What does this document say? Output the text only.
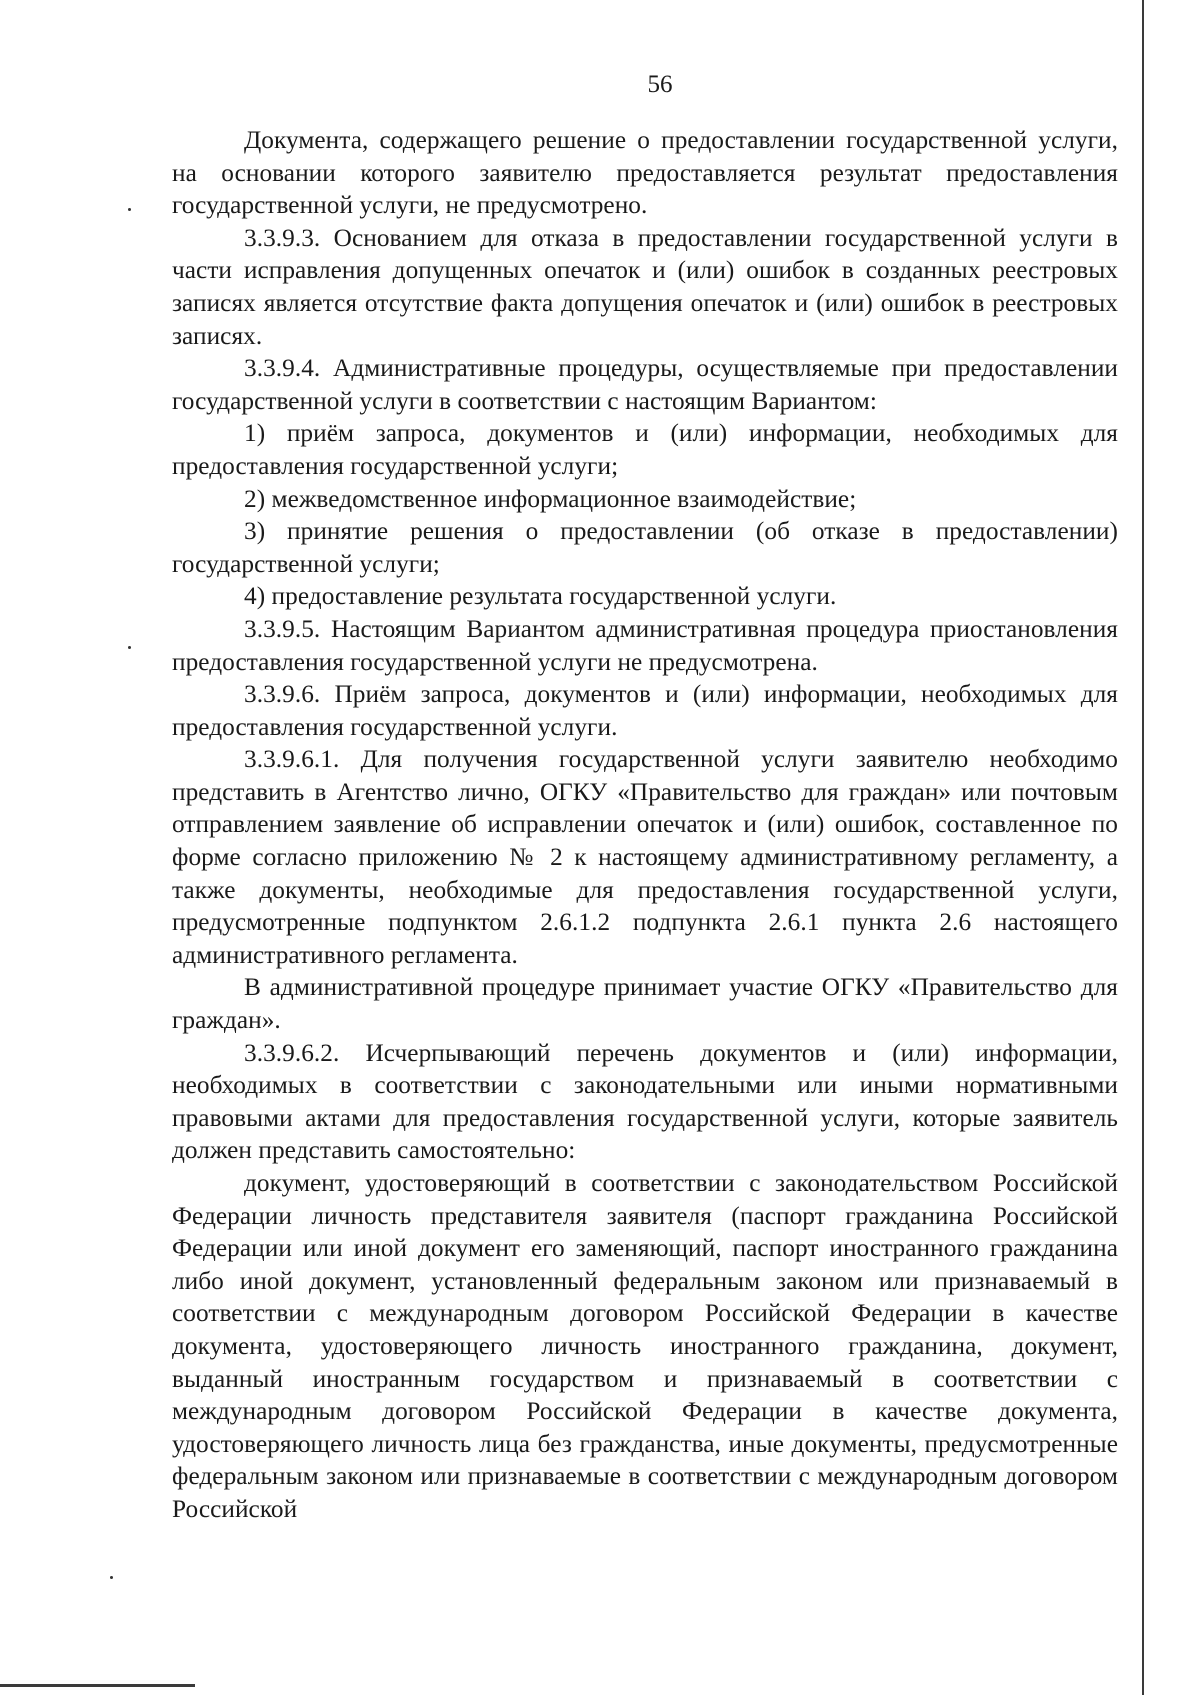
56

Документа, содержащего решение о предоставлении государственной услуги, на основании которого заявителю предоставляется результат предоставления государственной услуги, не предусмотрено.

3.3.9.3. Основанием для отказа в предоставлении государственной услуги в части исправления допущенных опечаток и (или) ошибок в созданных реестровых записях является отсутствие факта допущения опечаток и (или) ошибок в реестровых записях.

3.3.9.4. Административные процедуры, осуществляемые при предоставлении государственной услуги в соответствии с настоящим Вариантом:

1) приём запроса, документов и (или) информации, необходимых для предоставления государственной услуги;

2) межведомственное информационное взаимодействие;

3) принятие решения о предоставлении (об отказе в предоставлении) государственной услуги;

4) предоставление результата государственной услуги.

3.3.9.5. Настоящим Вариантом административная процедура приостановления предоставления государственной услуги не предусмотрена.

3.3.9.6. Приём запроса, документов и (или) информации, необходимых для предоставления государственной услуги.

3.3.9.6.1. Для получения государственной услуги заявителю необходимо представить в Агентство лично, ОГКУ «Правительство для граждан» или почтовым отправлением заявление об исправлении опечаток и (или) ошибок, составленное по форме согласно приложению № 2 к настоящему административному регламенту, а также документы, необходимые для предоставления государственной услуги, предусмотренные подпунктом 2.6.1.2 подпункта 2.6.1 пункта 2.6 настоящего административного регламента.

В административной процедуре принимает участие ОГКУ «Правительство для граждан».

3.3.9.6.2. Исчерпывающий перечень документов и (или) информации, необходимых в соответствии с законодательными или иными нормативными правовыми актами для предоставления государственной услуги, которые заявитель должен представить самостоятельно:

документ, удостоверяющий в соответствии с законодательством Российской Федерации личность представителя заявителя (паспорт гражданина Российской Федерации или иной документ его заменяющий, паспорт иностранного гражданина либо иной документ, установленный федеральным законом или признаваемый в соответствии с международным договором Российской Федерации в качестве документа, удостоверяющего личность иностранного гражданина, документ, выданный иностранным государством и признаваемый в соответствии с международным договором Российской Федерации в качестве документа, удостоверяющего личность лица без гражданства, иные документы, предусмотренные федеральным законом или признаваемые в соответствии с международным договором Российской
